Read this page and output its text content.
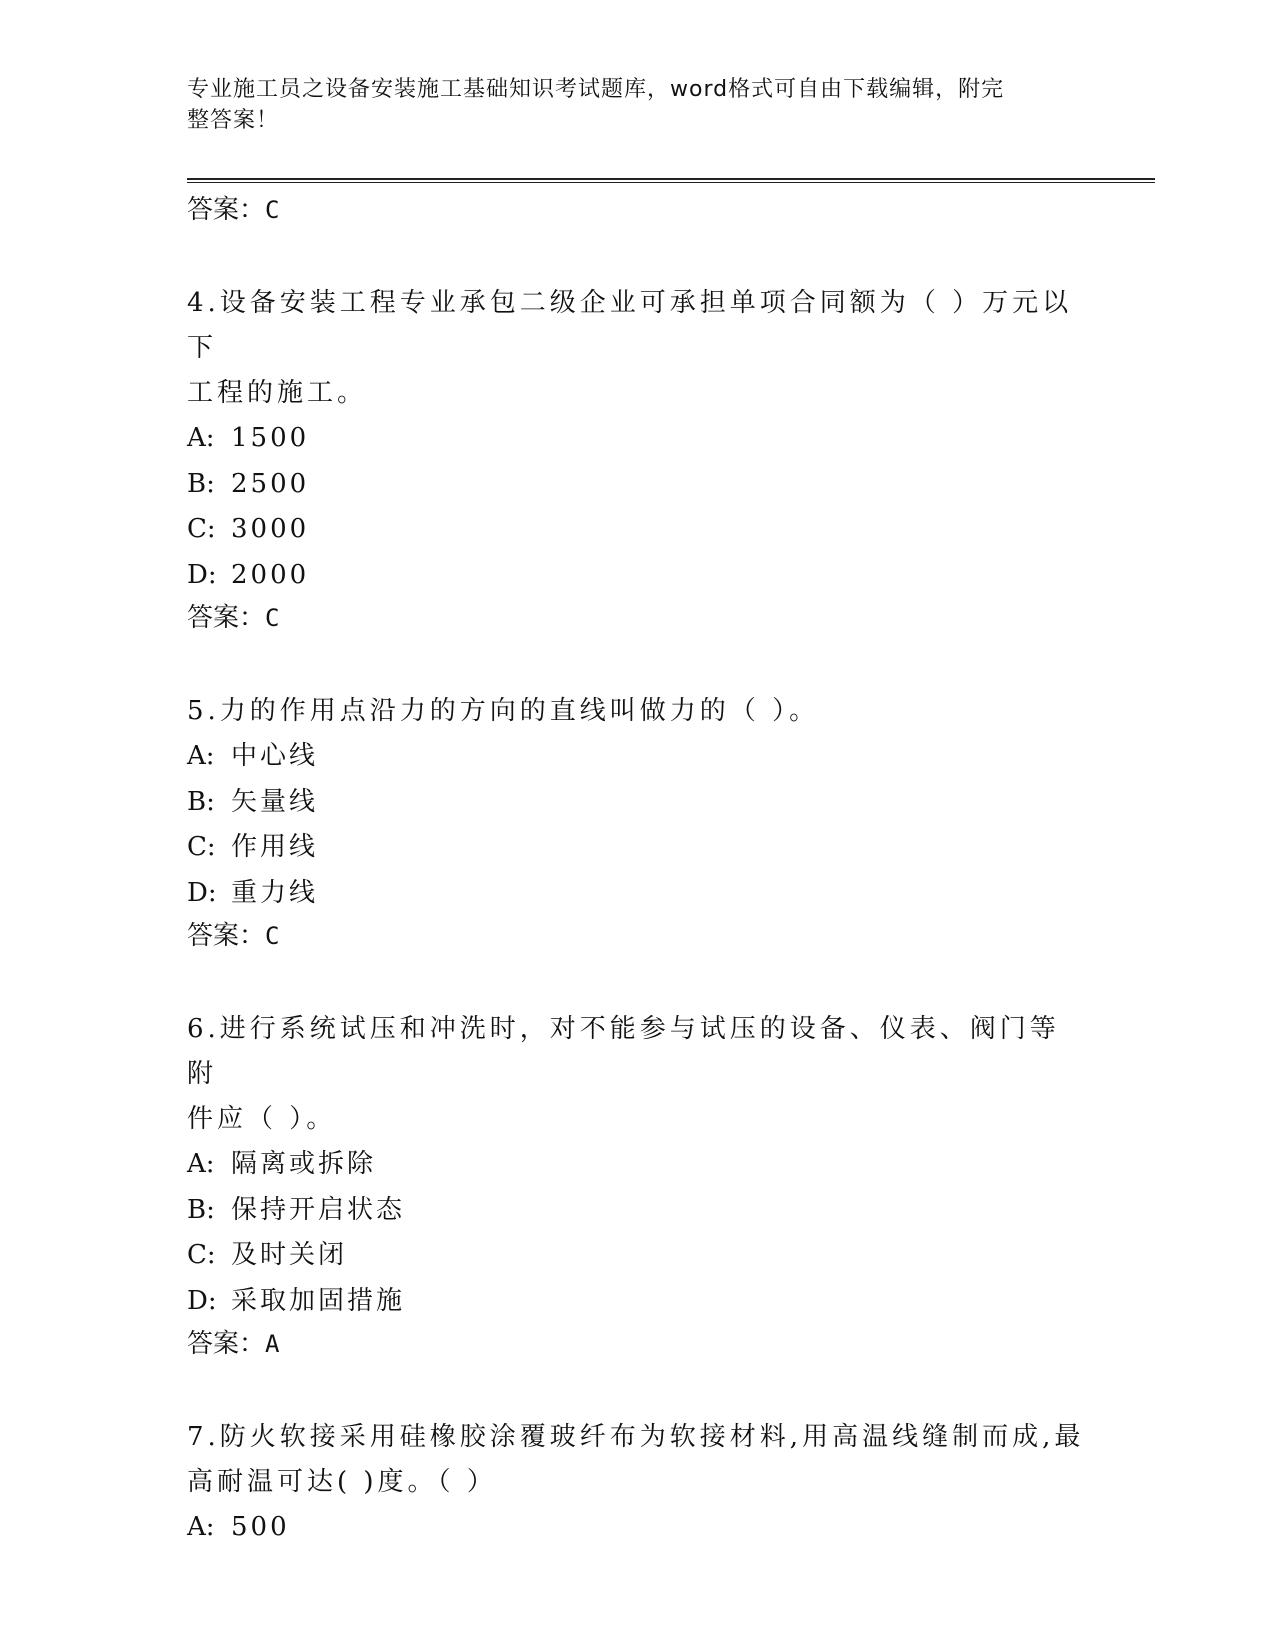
专业施工员之设备安装施工基础知识考试题库，word格式可自由下载编辑，附完
整答案！

答案：C

4.设备安装工程专业承包二级企业可承担单项合同额为（ ）万元以下

工程的施工。

A: 1500

B: 2500

C: 3000

D: 2000

答案：C

5.力的作用点沿力的方向的直线叫做力的（ ）。

A: 中心线

B: 矢量线

C: 作用线

D: 重力线

答案：C

6.进行系统试压和冲洗时，对不能参与试压的设备、仪表、阀门等附

件应（ ）。

A: 隔离或拆除

B: 保持开启状态

C: 及时关闭

D: 采取加固措施

答案：A

7.防火软接采用硅橡胶涂覆玻纤布为软接材料,用高温线缝制而成,最

高耐温可达( )度。（ ）

A: 500
